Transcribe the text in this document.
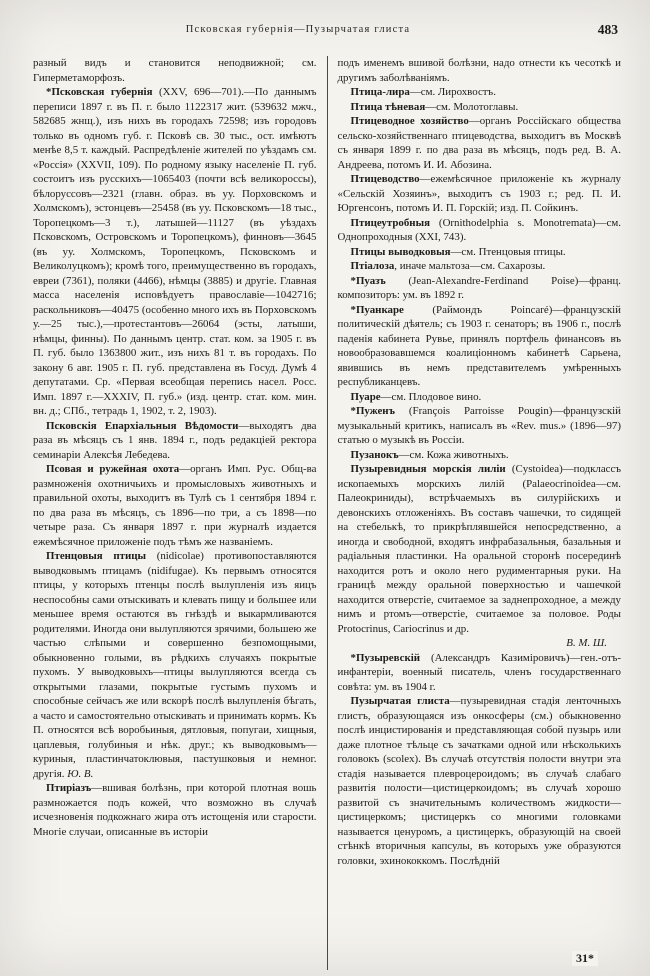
Псковская губернія—Пузырчатая глиста	483

разный видъ и становится неподвижной; см. Гиперметаморфозъ.

*Псковская губернія (XXV, 696—701).—По даннымъ переписи 1897 г. въ П. г. было 1122317 жит. (539632 мжч., 582685 жнщ.), изъ нихъ въ городахъ 72598; изъ городовъ только въ одномъ губ. г. Псковѣ св. 30 тыс., ост. имѣютъ менѣе 8,5 т. каждый. Распредѣленіе жителей по уѣздамъ см. «Россія» (XXVII, 109). По родному языку населеніе П. губ. состоитъ изъ русскихъ—1065403 (почти всѣ великороссы), бѣлоруссовъ—2321 (главн. образ. въ уу. Порховскомъ и Холмскомъ), эстонцевъ—25458 (въ уу. Псковскомъ—18 тыс., Торопецкомъ—3 т.), латышей—11127 (въ уѣздахъ Псковскомъ, Островскомъ и Торопецкомъ), финновъ—3645 (въ уу. Холмскомъ, Торопецкомъ, Псковскомъ и Великолуцкомъ); кромѣ того, преимущественно въ городахъ, евреи (7361), поляки (4466), нѣмцы (3885) и другіе. Главная масса населенія исповѣдуетъ православіе—1042716; раскольниковъ—40475 (особенно много ихъ въ Порховскомъ у.—25 тыс.),—протестантовъ—26064 (эсты, латыши, нѣмцы, финны). По даннымъ центр. стат. ком. за 1905 г. въ П. губ. было 1363800 жит., изъ нихъ 81 т. въ городахъ. По закону 6 авг. 1905 г. П. губ. представлена въ Госуд. Думѣ 4 депутатами. Ср. «Первая всеобщая перепись насел. Росс. Имп. 1897 г.—XXXIV, П. губ.» (изд. центр. стат. ком. мин. вн. д.; СПб., тетрадь 1, 1902, т. 2, 1903).

Псковскія Епархіальныя Вѣдомости—выходятъ два раза въ мѣсяцъ съ 1 янв. 1894 г., подъ редакціей ректора семинаріи Алексѣя Лебедева.

Псовая и ружейная охота—органъ Имп. Рус. Общ-ва размноженія охотничьихъ и промысловыхъ животныхъ и правильной охоты, выходитъ въ Тулѣ съ 1 сентября 1894 г. по два раза въ мѣсяцъ, съ 1896—по три, а съ 1898—по четыре раза. Съ января 1897 г. при журналѣ издается ежемѣсячное приложеніе подъ тѣмъ же названіемъ.

Птенцовыя птицы (nidicolae) противопоставляются выводковымъ птицамъ (nidifugae). Къ первымъ относятся птицы, у которыхъ птенцы послѣ вылупленія изъ яицъ неспособны сами отыскивать и клевать пищу и большее или меньшее время остаются въ гнѣздѣ и выкармливаются родителями. Иногда они вылупляются зрячими, большею же частью слѣпыми и совершенно безпомощными, обыкновенно голыми, въ рѣдкихъ случаяхъ покрытые пухомъ. У выводковыхъ—птицы вылупляются всегда съ открытыми глазами, покрытые густымъ пухомъ и способные сейчасъ же или вскорѣ послѣ вылупленія бѣгать, а часто и самостоятельно отыскивать и принимать кормъ. Къ П. относятся всѣ воробьиныя, дятловыя, попугаи, хищныя, цаплевыя, голубиныя и нѣк. друг.; къ выводковымъ—куриныя, пластинчатоклювыя, пастушковыя и немног. другія. Ю. В.

Птиріазъ—вшивая болѣзнь, при которой плотная вошь размножается подъ кожей, что возможно въ случаѣ исчезновенія подкожнаго жира отъ истощенія или старости. Многіе случаи, описанные въ исторіи

подъ именемъ вшивой болѣзни, надо отнести къ чесоткѣ и другимъ заболѣваніямъ.

Птица-лира—см. Лирохвостъ.

Птица тѣневая—см. Молотоглавы.

Птицеводное хозяйство—органъ Россійскаго общества сельско-хозяйственнаго птицеводства, выходитъ въ Москвѣ съ января 1899 г. по два раза въ мѣсяцъ, подъ ред. В. А. Андреева, потомъ И. И. Абозина.

Птицеводство—ежемѣсячное приложеніе къ журналу «Сельскій Хозяинъ», выходитъ съ 1903 г.; ред. П. И. Юргенсонъ, потомъ И. П. Горскій; изд. П. Сойкинъ.

Птицеутробныя (Ornithodelphia s. Monotremata)—см. Однопроходныя (XXI, 743).

Птицы выводковыя—см. Птенцовыя птицы.

Птіалоза, иначе мальтоза—см. Сахарозы.

*Пуазъ (Jean-Alexandre-Ferdinand Poise)—франц. композиторъ: ум. въ 1892 г.

*Пуанкаре (Раймондъ Poincaré)—французскій политическій дѣятель; съ 1903 г. сенаторъ; въ 1906 г., послѣ паденія кабинета Рувье, принялъ портфель финансовъ въ новообразовавшемся коалиціонномъ кабинетѣ Сарьена, явившись въ немъ представителемъ умѣренныхъ республиканцевъ.

Пуаре—см. Плодовое вино.

*Пуженъ (François Parroisse Pougin)—французскій музыкальный критикъ, написалъ въ «Rev. mus.» (1896—97) статью о музыкѣ въ Россіи.

Пузанокъ—см. Кожа животныхъ.

Пузыревидныя морскія лиліи (Cystoidea)—подклассъ ископаемыхъ морскихъ лилій (Palaeocrinoidea—см. Палеокриниды), встрѣчаемыхъ въ силурійскихъ и девонскихъ отложеніяхъ. Въ составъ чашечки, то сидящей на стебелькѣ, то прикрѣплявшейся непосредственно, а иногда и свободной, входятъ инфрабазальныя, базальныя и радіальныя пластинки. На оральной сторонѣ посерединѣ находится ротъ и около него рудиментарныя руки. На границѣ между оральной поверхностью и чашечкой находится отверстіе, считаемое за заднепроходное, а между нимъ и ртомъ—отверстіе, считаемое за половое. Роды Protocrinus, Cariocrinus и др.

В. М. Ш.

*Пузыревскій (Александръ Казиміровичъ)—ген.-отъ-инфантеріи, военный писатель, членъ государственнаго совѣта: ум. въ 1904 г.

Пузырчатая глиста—пузыревидная стадія ленточныхъ глистъ, образующаяся изъ онкосферы (см.) обыкновенно послѣ инцистированія и представляющая собой пузырь или даже плотное тѣльце съ зачатками одной или нѣсколькихъ головокъ (scolex). Въ случаѣ отсутствія полости внутри эта стадія называется плевроцероидомъ; въ случаѣ слабаго развитія полости—цистицеркоидомъ; въ случаѣ хорошо развитой съ значительнымъ количествомъ жидкости—цистицеркомъ; цистицеркъ со многими головками называется ценуромъ, а цистицеркъ, образующій на своей стѣнкѣ вторичныя капсулы, въ которыхъ уже образуются головки, эхинококкомъ. Послѣдній

31*
